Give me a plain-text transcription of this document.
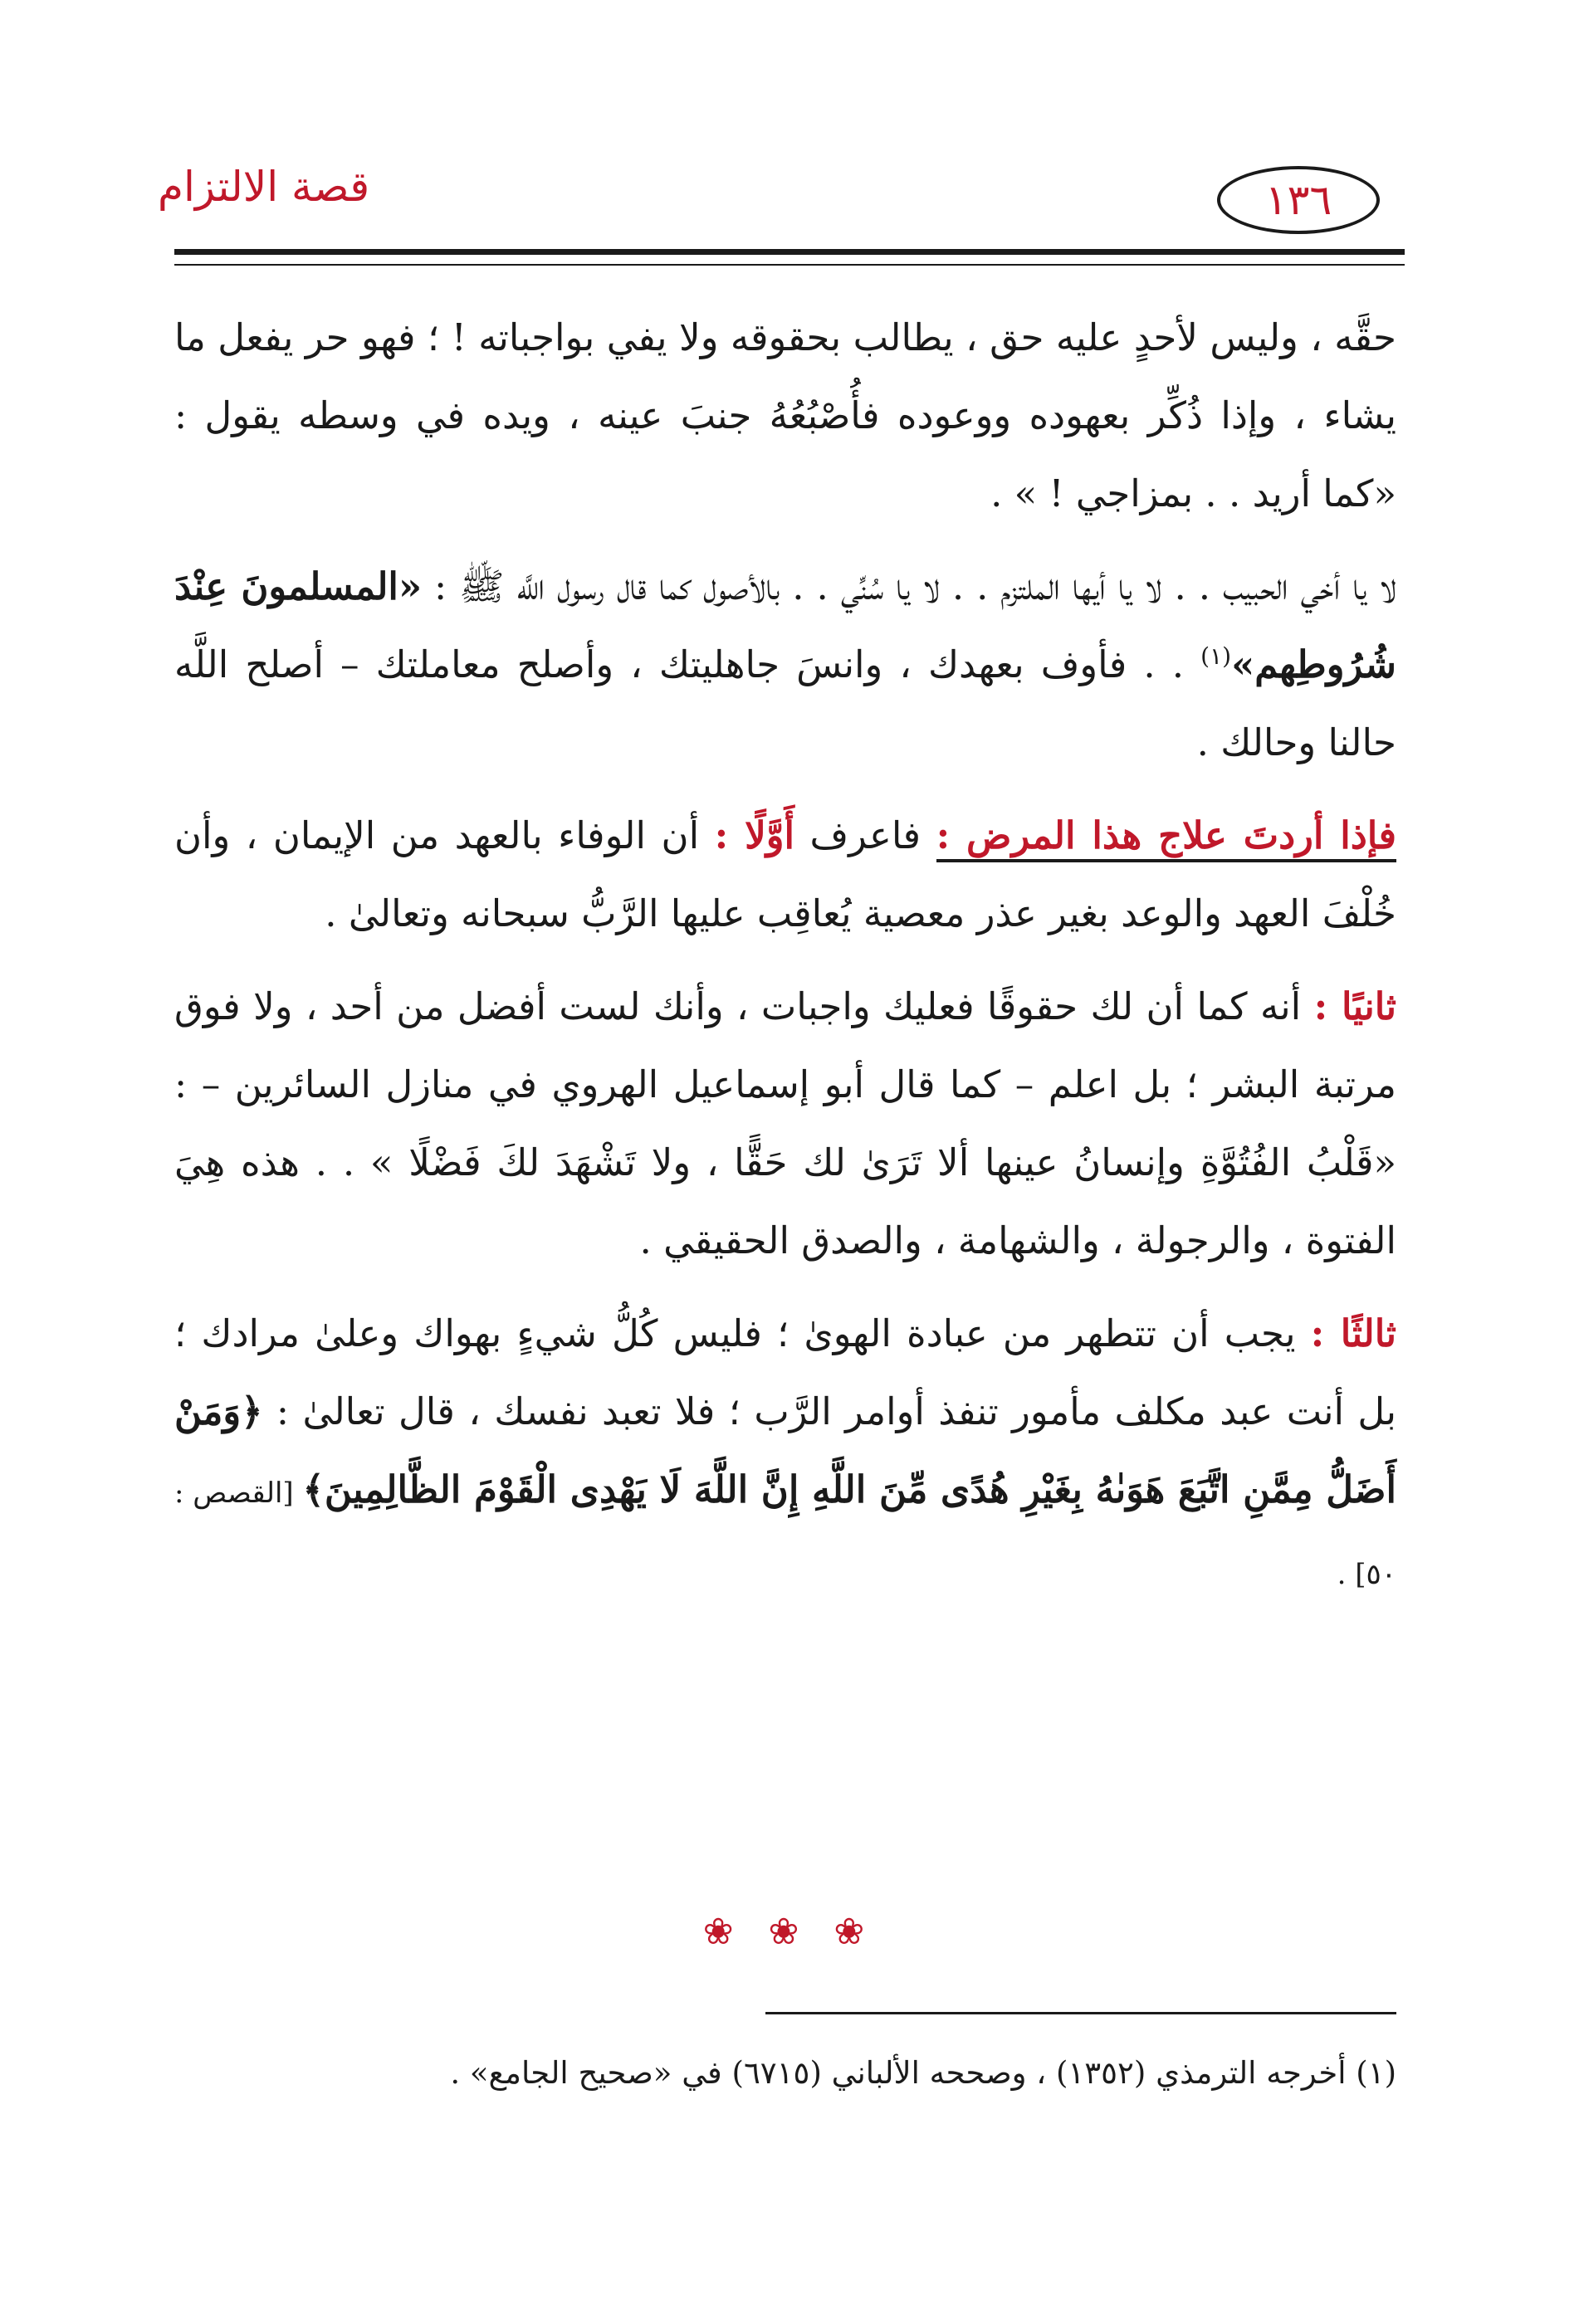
قصة الالتزام	١٣٦

حقَّه ، وليس لأحدٍ عليه حق ، يطالب بحقوقه ولا يفي بواجباته ! ؛ فهو حر يفعل ما يشاء ، وإذا ذُكِّر بعهوده ووعوده فأُصْبُعُهُ جنبَ عينه ، ويده في وسطه يقول : «كما أريد . . بمزاجي ! » .

لا يا أخي الحبيب . . لا يا أيها الملتزم . . لا يا سُنِّي . . بالأصول كما قال رسول اللَّه ﷺ : «المسلمونَ عِنْدَ شُرُوطِهم»$^{(١)}$ . . فأوف بعهدك ، وانسَ جاهليتك ، وأصلح معاملتك – أصلح اللَّه حالنا وحالك .

فإذا أردتَ علاج هذا المرض : فاعرف أَوَّلًا : أن الوفاء بالعهد من الإيمان ، وأن خُلْفَ العهد والوعد بغير عذر معصية يُعاقِب عليها الرَّبُّ سبحانه وتعالىٰ .

ثانيًا : أنه كما أن لك حقوقًا فعليك واجبات ، وأنك لست أفضل من أحد ، ولا فوق مرتبة البشر ؛ بل اعلم – كما قال أبو إسماعيل الهروي في منازل السائرين – : «قَلْبُ الفُتُوَّةِ وإنسانُ عينها ألا تَرَىٰ لك حَقًّا ، ولا تَشْهَدَ لكَ فَضْلًا » . . هذه هِيَ الفتوة ، والرجولة ، والشهامة ، والصدق الحقيقي .

ثالثًا : يجب أن تتطهر من عبادة الهوىٰ ؛ فليس كُلُّ شيءٍ بهواك وعلىٰ مرادك ؛ بل أنت عبد مكلف مأمور تنفذ أوامر الرَّب ؛ فلا تعبد نفسك ، قال تعالىٰ : ﴿وَمَنْ أَضَلُّ مِمَّنِ اتَّبَعَ هَوَىٰهُ بِغَيْرِ هُدًى مِّنَ اللَّهِ إِنَّ اللَّهَ لَا يَهْدِى الْقَوْمَ الظَّالِمِينَ﴾ [القصص : ٥٠] .

❀ ❀ ❀
(١) أخرجه الترمذي (١٣٥٢) ، وصححه الألباني (٦٧١٥) في «صحيح الجامع» .
